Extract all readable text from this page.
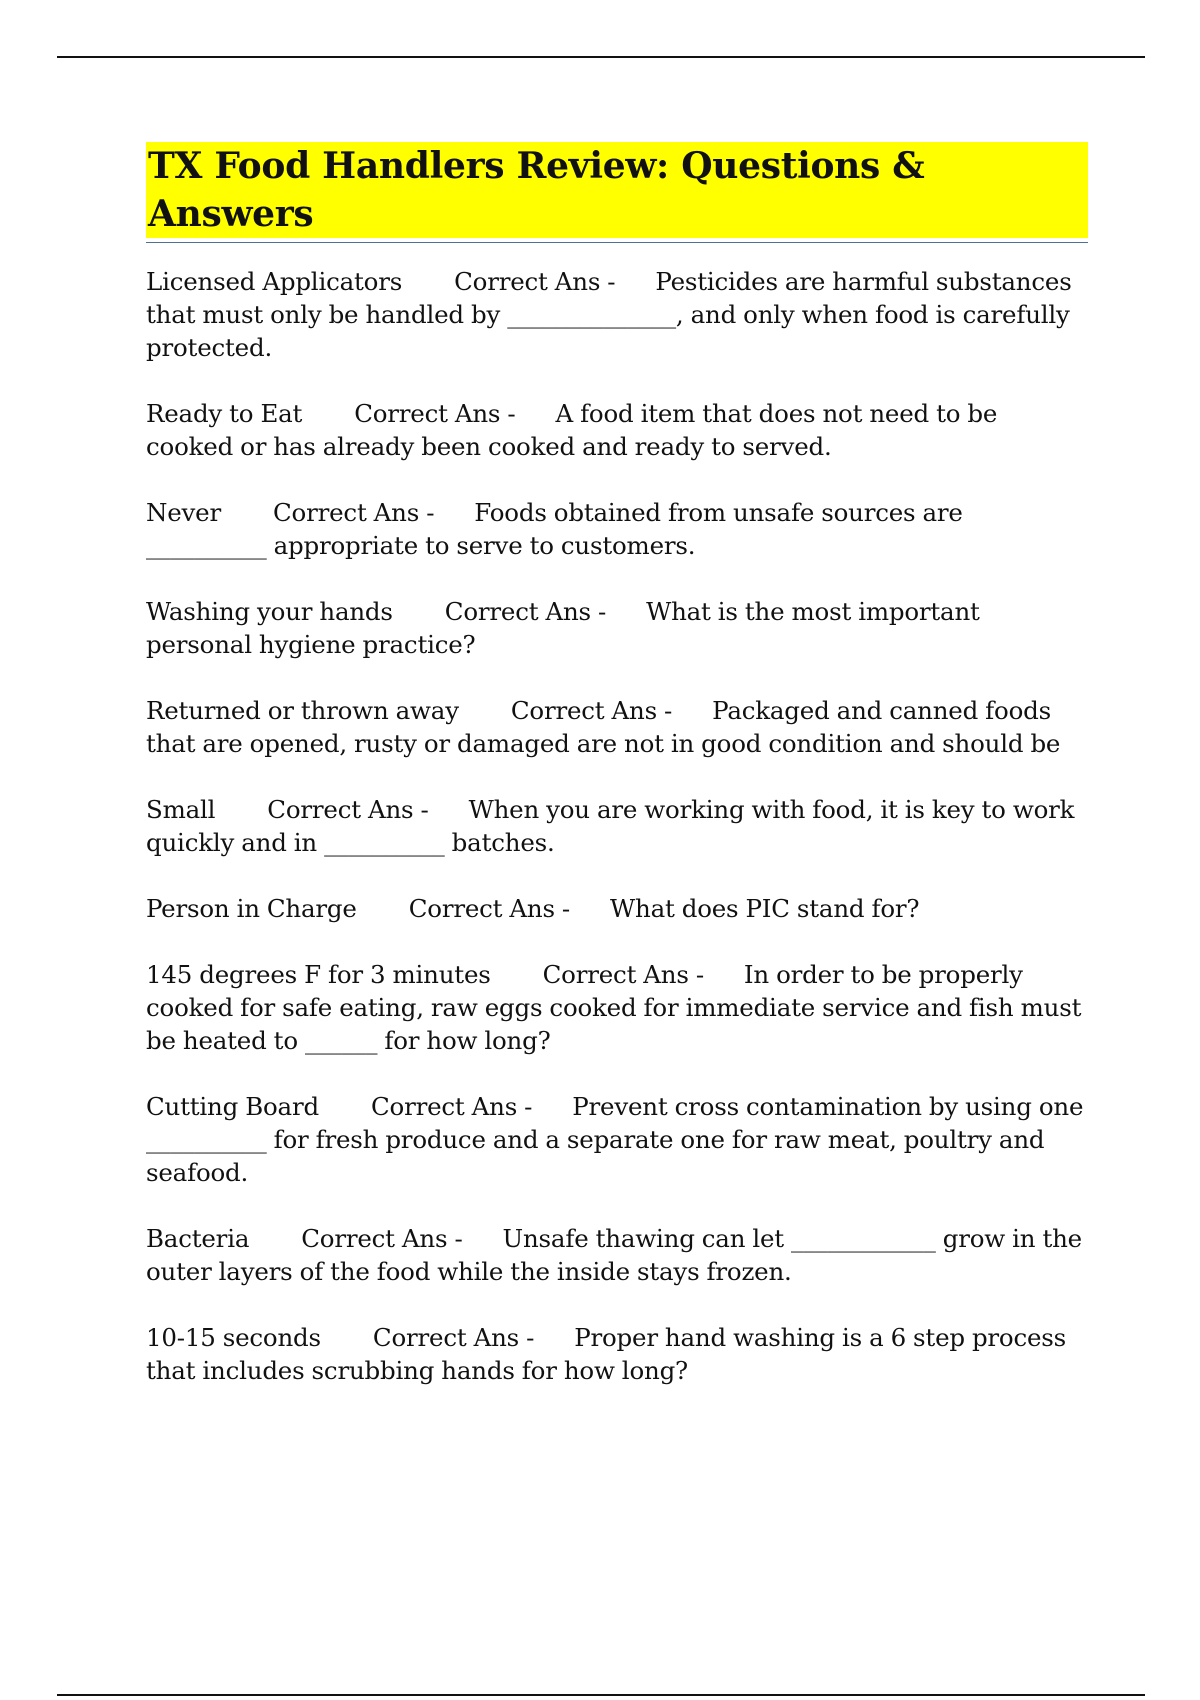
TX Food Handlers Review: Questions & Answers
Licensed Applicators Correct Ans - Pesticides are harmful substances that must only be handled by ______________, and only when food is carefully protected.
Ready to Eat Correct Ans - A food item that does not need to be cooked or has already been cooked and ready to served.
Never Correct Ans - Foods obtained from unsafe sources are __________ appropriate to serve to customers.
Washing your hands Correct Ans - What is the most important personal hygiene practice?
Returned or thrown away Correct Ans - Packaged and canned foods that are opened, rusty or damaged are not in good condition and should be
Small Correct Ans - When you are working with food, it is key to work quickly and in __________ batches.
Person in Charge Correct Ans - What does PIC stand for?
145 degrees F for 3 minutes Correct Ans - In order to be properly cooked for safe eating, raw eggs cooked for immediate service and fish must be heated to ______ for how long?
Cutting Board Correct Ans - Prevent cross contamination by using one __________ for fresh produce and a separate one for raw meat, poultry and seafood.
Bacteria Correct Ans - Unsafe thawing can let ____________ grow in the outer layers of the food while the inside stays frozen.
10-15 seconds Correct Ans - Proper hand washing is a 6 step process that includes scrubbing hands for how long?
